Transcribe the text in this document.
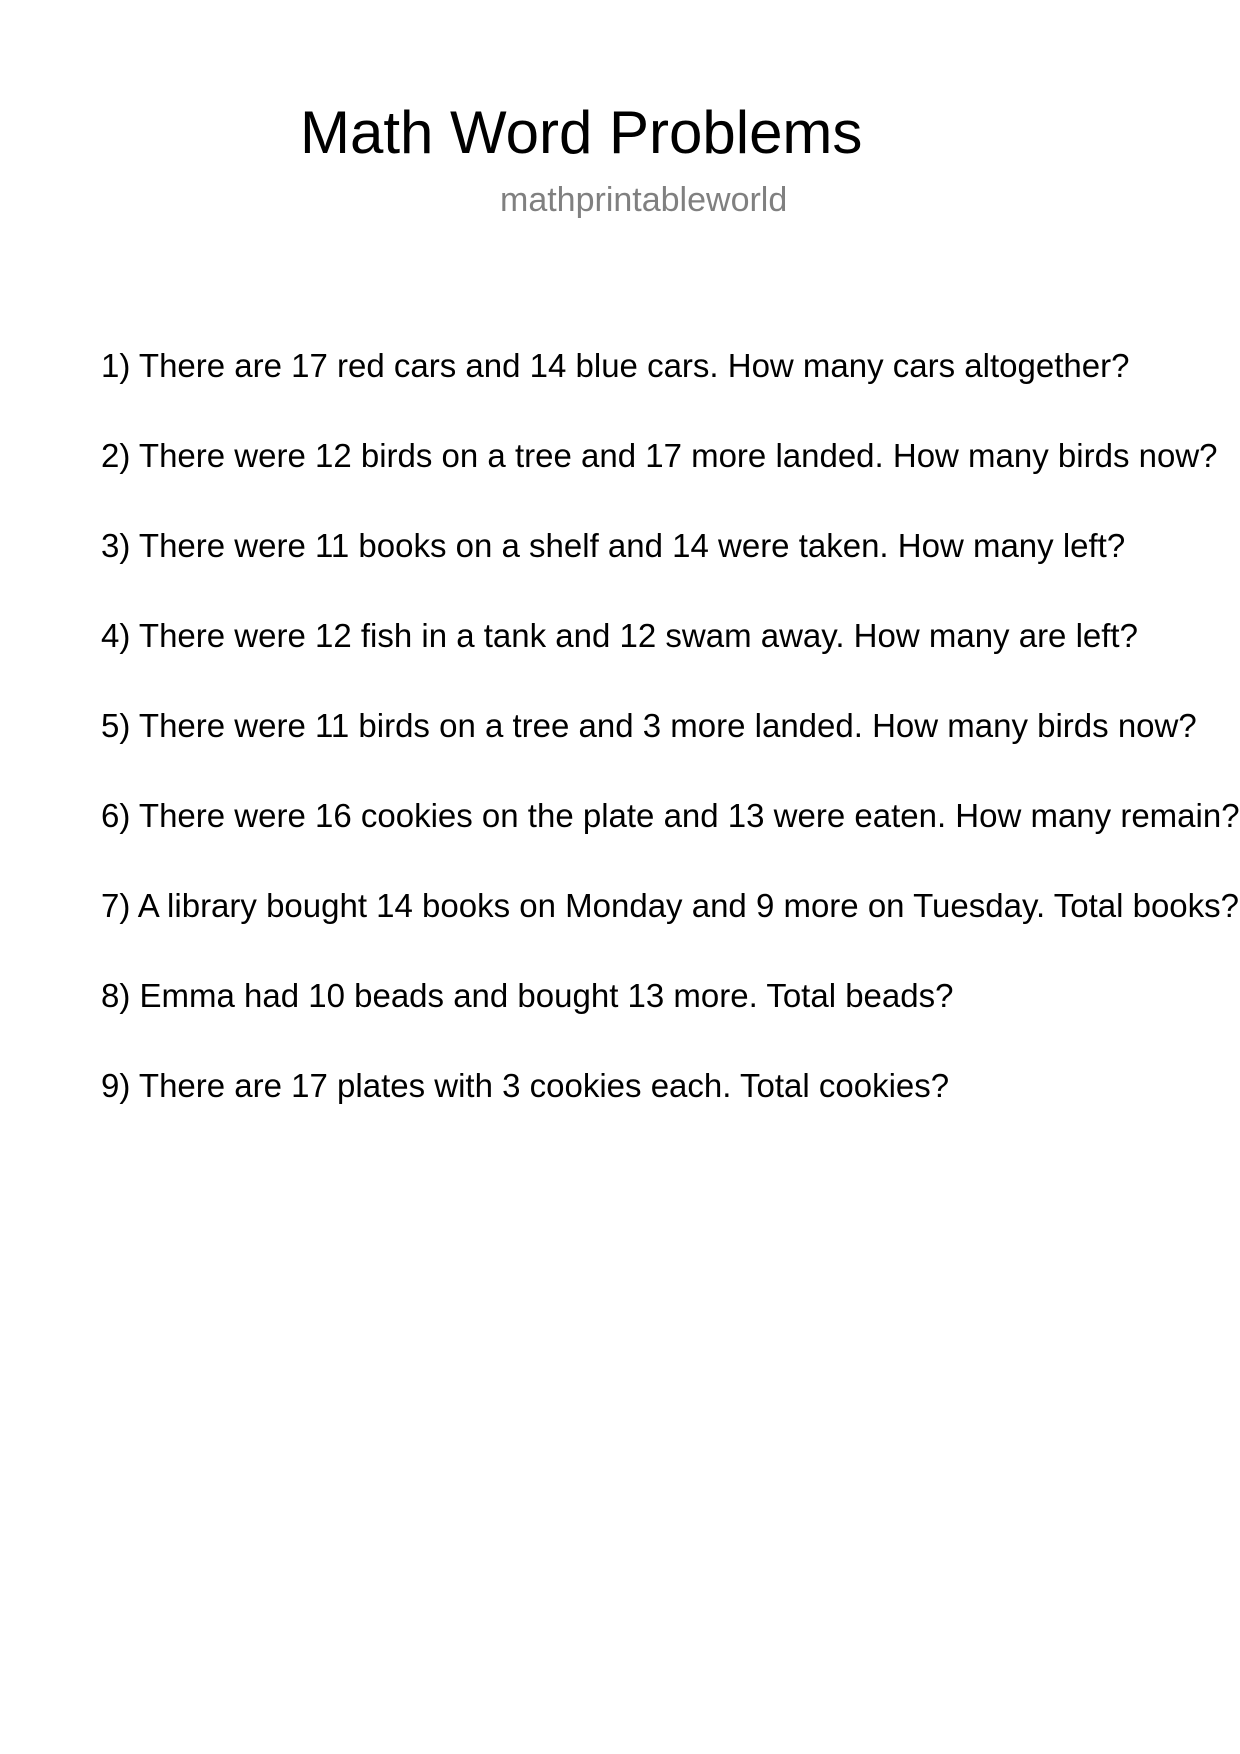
Math Word Problems
mathprintableworld
1) There are 17 red cars and 14 blue cars. How many cars altogether?
2) There were 12 birds on a tree and 17 more landed. How many birds now?
3) There were 11 books on a shelf and 14 were taken. How many left?
4) There were 12 fish in a tank and 12 swam away. How many are left?
5) There were 11 birds on a tree and 3 more landed. How many birds now?
6) There were 16 cookies on the plate and 13 were eaten. How many remain?
7) A library bought 14 books on Monday and 9 more on Tuesday. Total books?
8) Emma had 10 beads and bought 13 more. Total beads?
9) There are 17 plates with 3 cookies each. Total cookies?
